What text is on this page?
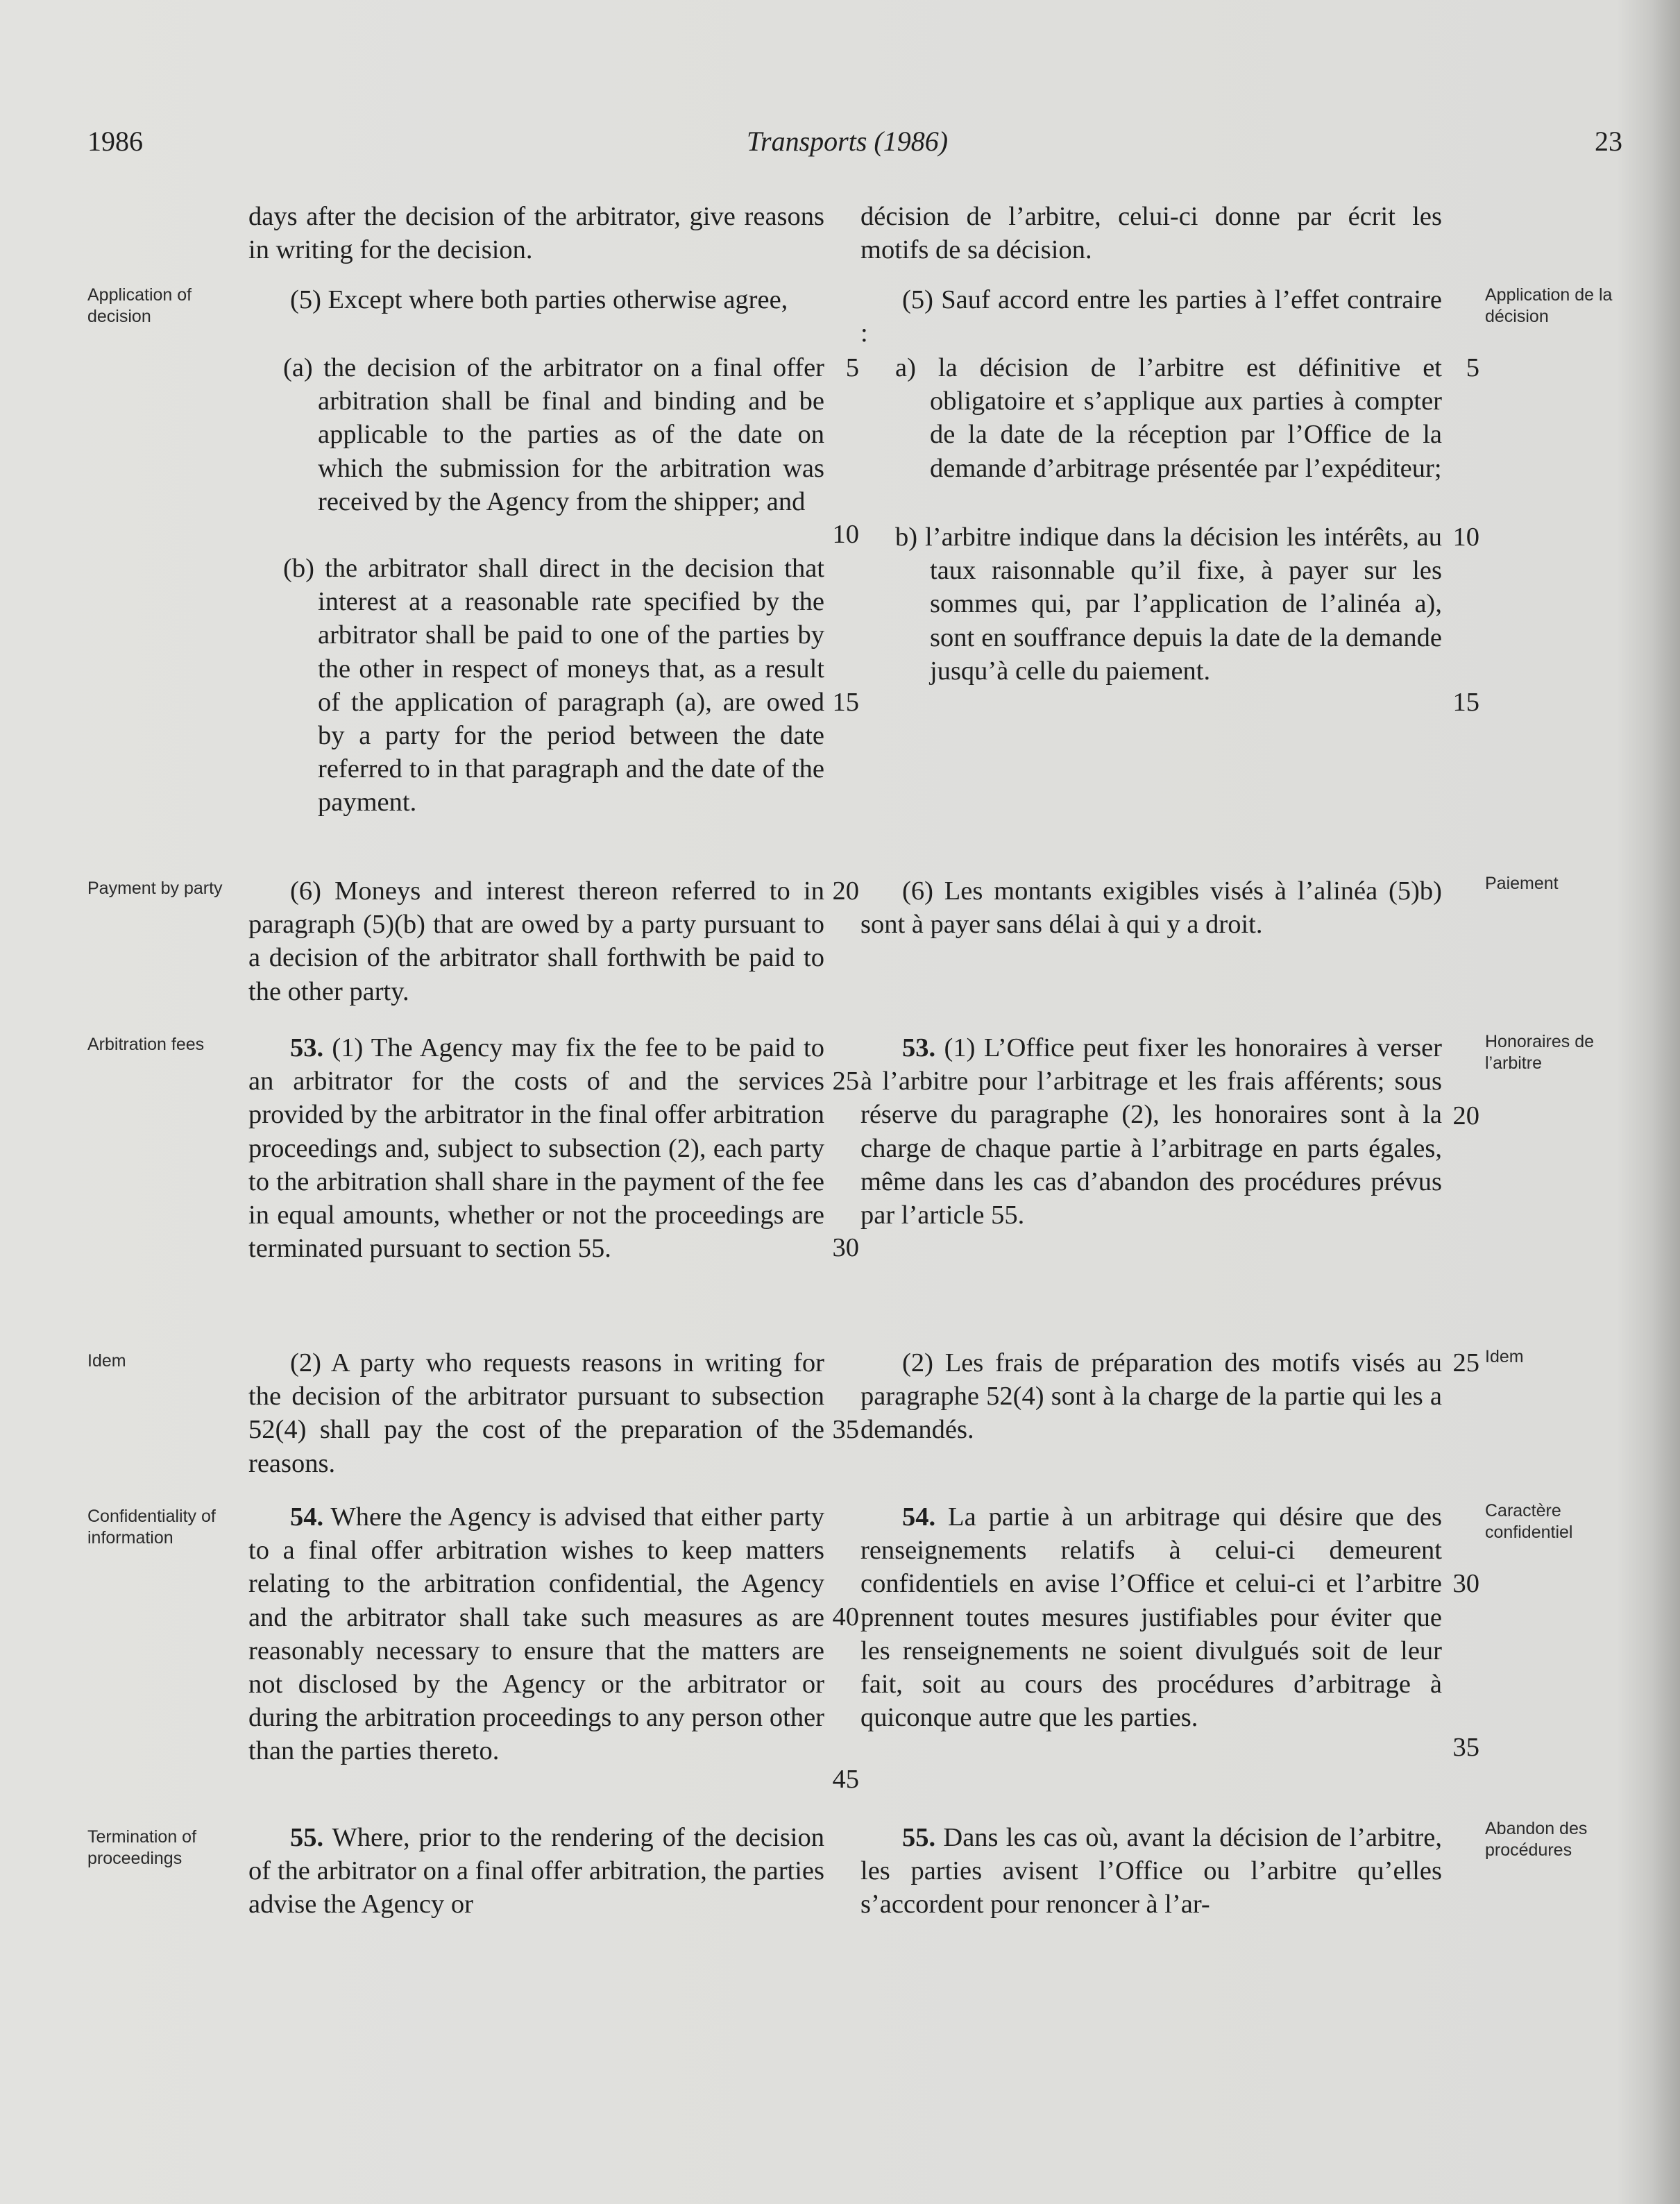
1986	Transports (1986)	23
Application of decision
Payment by party
Arbitration fees
Idem
Confidentiality of information
Termination of proceedings
Application de la décision
Paiement
Honoraires de l’arbitre
Idem
Caractère confidentiel
Abandon des procédures
days after the decision of the arbitrator, give reasons in writing for the decision.
(5) Except where both parties otherwise agree,
(a) the decision of the arbitrator on a final offer arbitration shall be final and binding and be applicable to the parties as of the date on which the submission for the arbitration was received by the Agency from the shipper; and
(b) the arbitrator shall direct in the decision that interest at a reasonable rate specified by the arbitrator shall be paid to one of the parties by the other in respect of moneys that, as a result of the application of paragraph (a), are owed by a party for the period between the date referred to in that paragraph and the date of the payment.
(6) Moneys and interest thereon referred to in paragraph (5)(b) that are owed by a party pursuant to a decision of the arbitrator shall forthwith be paid to the other party.
53. (1) The Agency may fix the fee to be paid to an arbitrator for the costs of and the services provided by the arbitrator in the final offer arbitration proceedings and, subject to subsection (2), each party to the arbitration shall share in the payment of the fee in equal amounts, whether or not the proceedings are terminated pursuant to section 55.
(2) A party who requests reasons in writing for the decision of the arbitrator pursuant to subsection 52(4) shall pay the cost of the preparation of the reasons.
54. Where the Agency is advised that either party to a final offer arbitration wishes to keep matters relating to the arbitration confidential, the Agency and the arbitrator shall take such measures as are reasonably necessary to ensure that the matters are not disclosed by the Agency or the arbitrator or during the arbitration proceedings to any person other than the parties thereto.
55. Where, prior to the rendering of the decision of the arbitrator on a final offer arbitration, the parties advise the Agency or
5
10
15
20
25
30
35
40
45
décision de l’arbitre, celui-ci donne par écrit les motifs de sa décision.
(5) Sauf accord entre les parties à l’effet contraire :
a) la décision de l’arbitre est définitive et obligatoire et s’applique aux parties à compter de la date de la réception par l’Office de la demande d’arbitrage présentée par l’expéditeur;
b) l’arbitre indique dans la décision les intérêts, au taux raisonnable qu’il fixe, à payer sur les sommes qui, par l’application de l’alinéa a), sont en souffrance depuis la date de la demande jusqu’à celle du paiement.
(6) Les montants exigibles visés à l’alinéa (5)b) sont à payer sans délai à qui y a droit.
53. (1) L’Office peut fixer les honoraires à verser à l’arbitre pour l’arbitrage et les frais afférents; sous réserve du paragraphe (2), les honoraires sont à la charge de chaque partie à l’arbitrage en parts égales, même dans les cas d’abandon des procédures prévus par l’article 55.
(2) Les frais de préparation des motifs visés au paragraphe 52(4) sont à la charge de la partie qui les a demandés.
54. La partie à un arbitrage qui désire que des renseignements relatifs à celui-ci demeurent confidentiels en avise l’Office et celui-ci et l’arbitre prennent toutes mesures justifiables pour éviter que les renseignements ne soient divulgués soit de leur fait, soit au cours des procédures d’arbitrage à quiconque autre que les parties.
55. Dans les cas où, avant la décision de l’arbitre, les parties avisent l’Office ou l’arbitre qu’elles s’accordent pour renoncer à l’ar-
5
10
15
20
25
30
35
